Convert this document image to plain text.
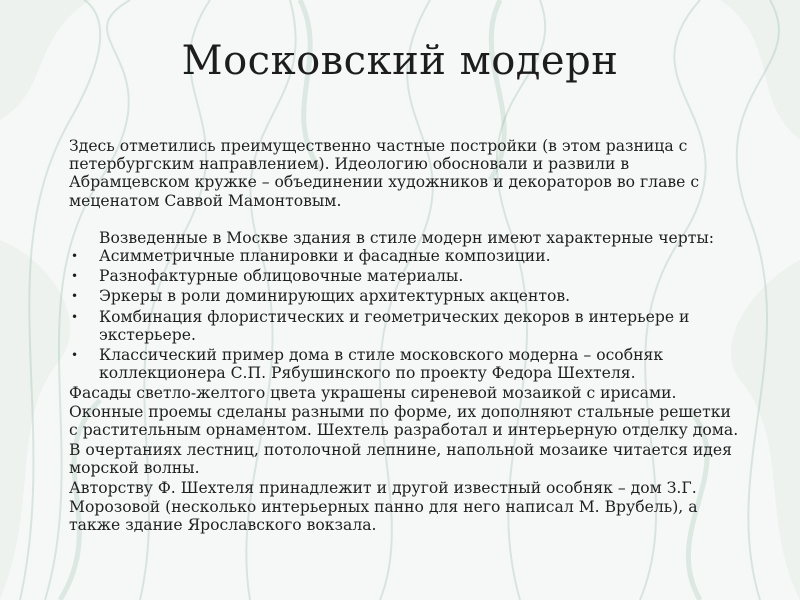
Московский модерн

Здесь отметились преимущественно частные постройки (в этом разница с петербургским направлением). Идеологию обосновали и развили в Абрамцевском кружке – объединении художников и декораторов во главе с меценатом Саввой Мамонтовым.

Возведенные в Москве здания в стиле модерн имеют характерные черты:

• Асимметричные планировки и фасадные композиции.
• Разнофактурные облицовочные материалы.
• Эркеры в роли доминирующих архитектурных акцентов.
• Комбинация флористических и геометрических декоров в интерьере и экстерьере.
• Классический пример дома в стиле московского модерна – особняк коллекционера С.П. Рябушинского по проекту Федора Шехтеля.

Фасады светло-желтого цвета украшены сиреневой мозаикой с ирисами. Оконные проемы сделаны разными по форме, их дополняют стальные решетки с растительным орнаментом. Шехтель разработал и интерьерную отделку дома.

В очертаниях лестниц, потолочной лепнине, напольной мозаике читается идея морской волны.

Авторству Ф. Шехтеля принадлежит и другой известный особняк – дом З.Г. Морозовой (несколько интерьерных панно для него написал М. Врубель), а также здание Ярославского вокзала.
